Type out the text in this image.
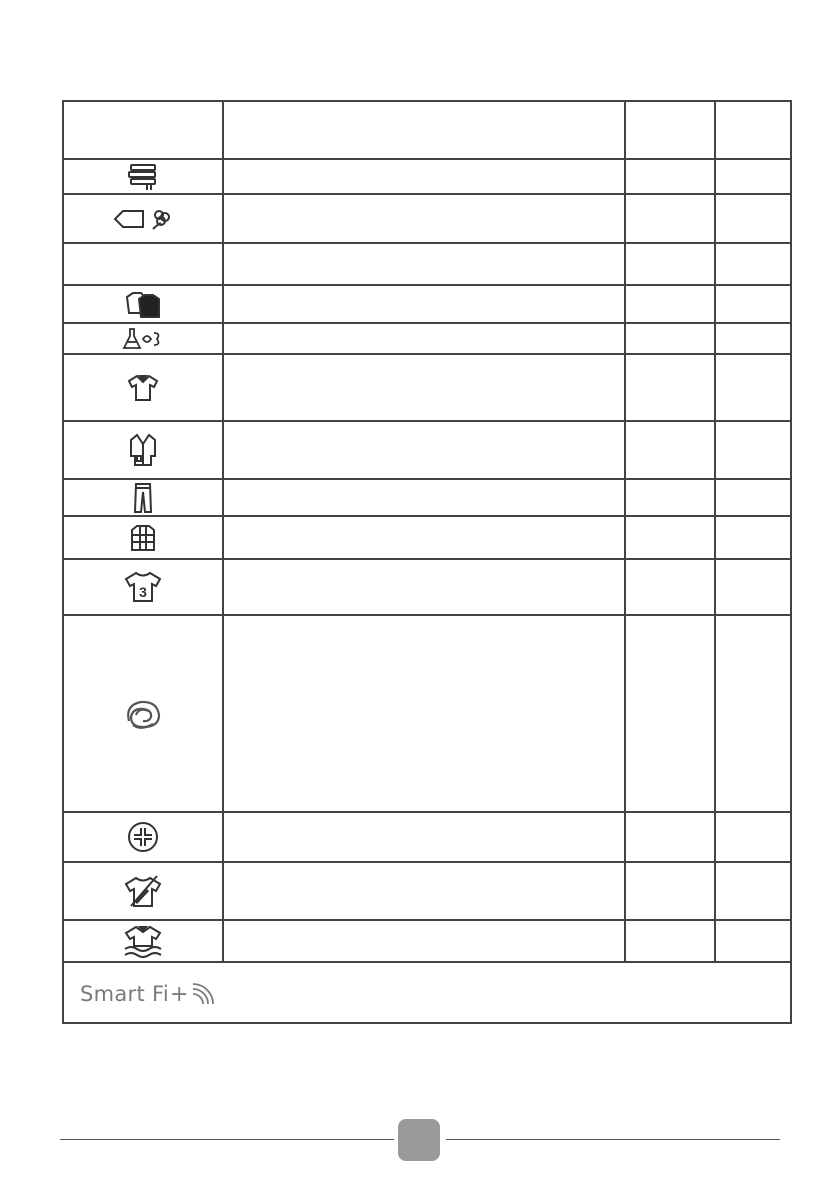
3			

Smart Fi +			
